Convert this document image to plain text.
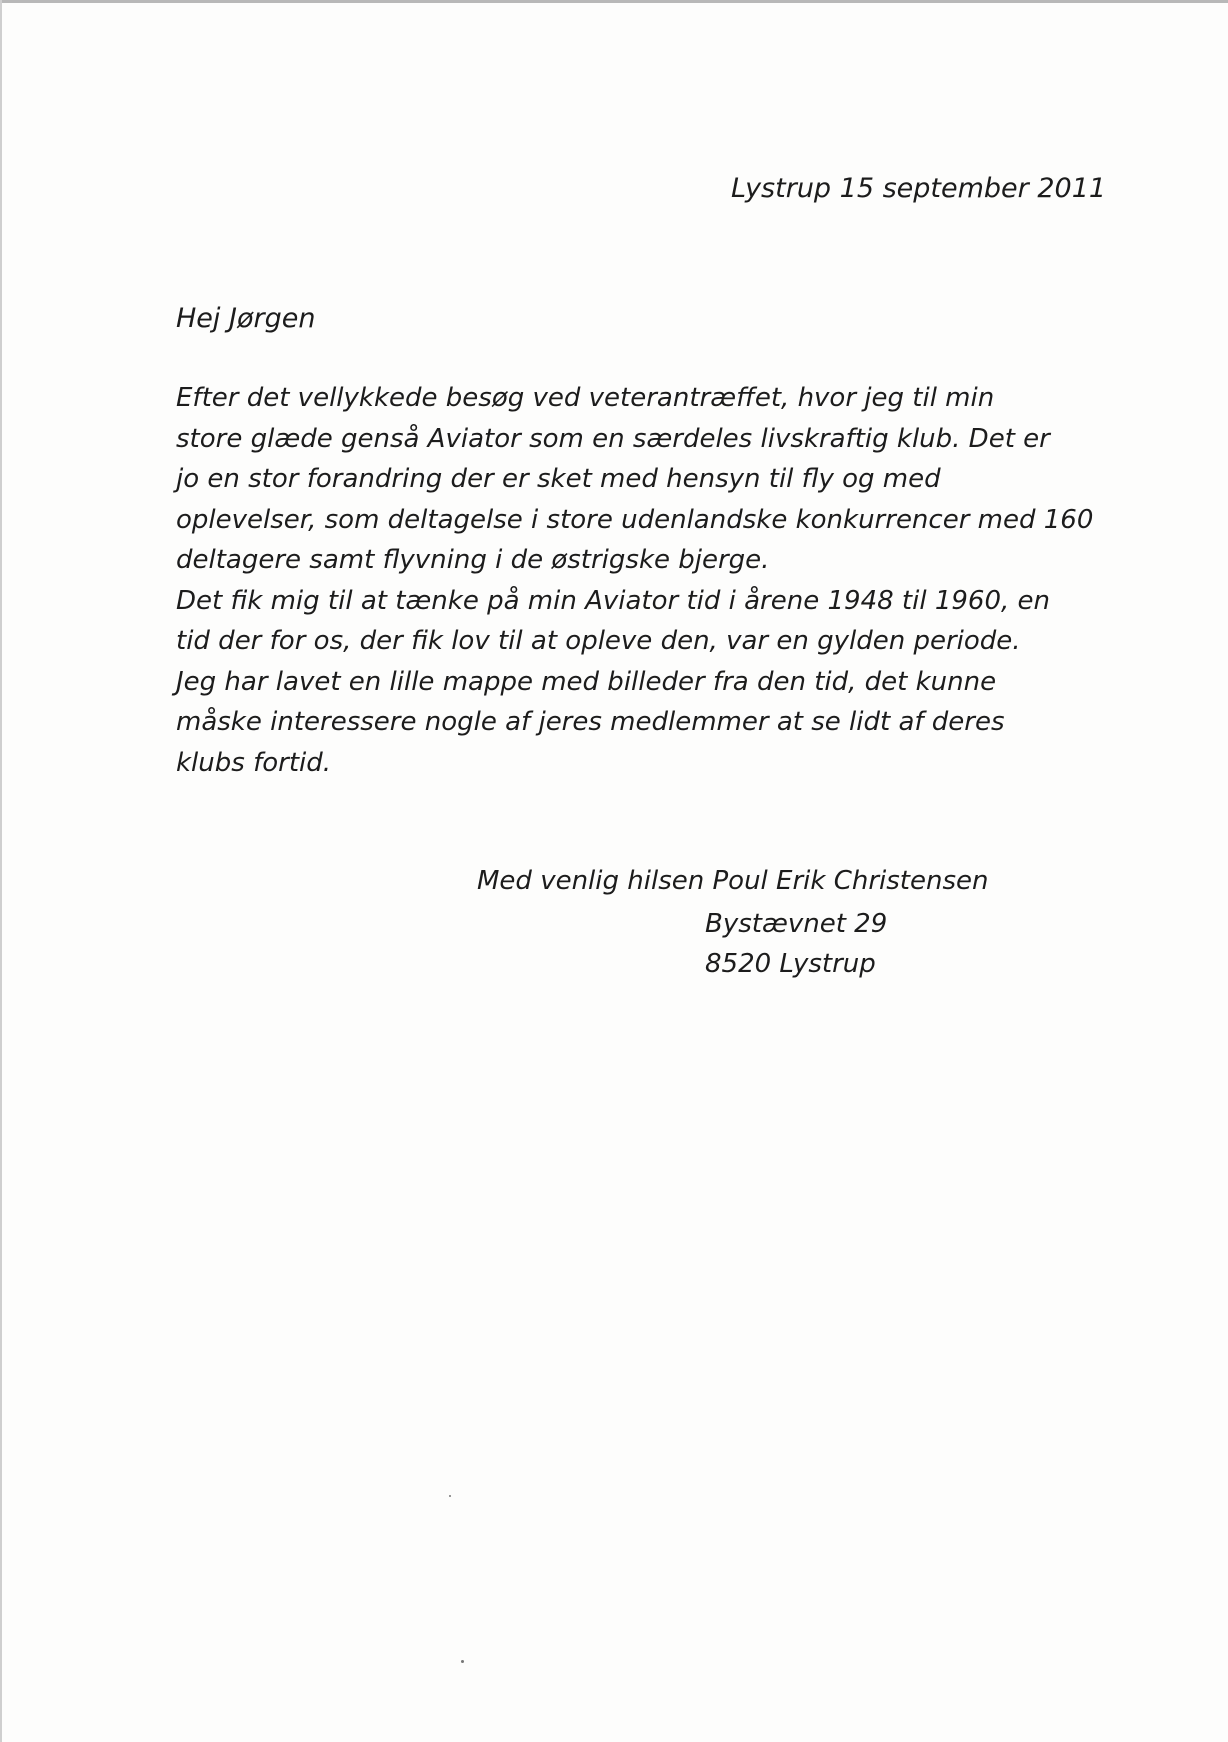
Lystrup 15 september 2011
Hej Jørgen
Efter det vellykkede besøg ved veterantræffet, hvor jeg til min
store glæde genså Aviator som en særdeles livskraftig klub. Det er
jo en stor forandring der er sket med hensyn til fly og med
oplevelser, som deltagelse i store udenlandske konkurrencer med 160
deltagere samt flyvning i de østrigske bjerge.
Det fik mig til at tænke på min Aviator tid i årene 1948 til 1960, en
tid der for os, der fik lov til at opleve den, var en gylden periode.
Jeg har lavet en lille mappe med billeder fra den tid, det kunne
måske interessere nogle af jeres medlemmer at se lidt af deres
klubs fortid.
Med venlig hilsen Poul Erik Christensen
Bystævnet 29
8520 Lystrup
